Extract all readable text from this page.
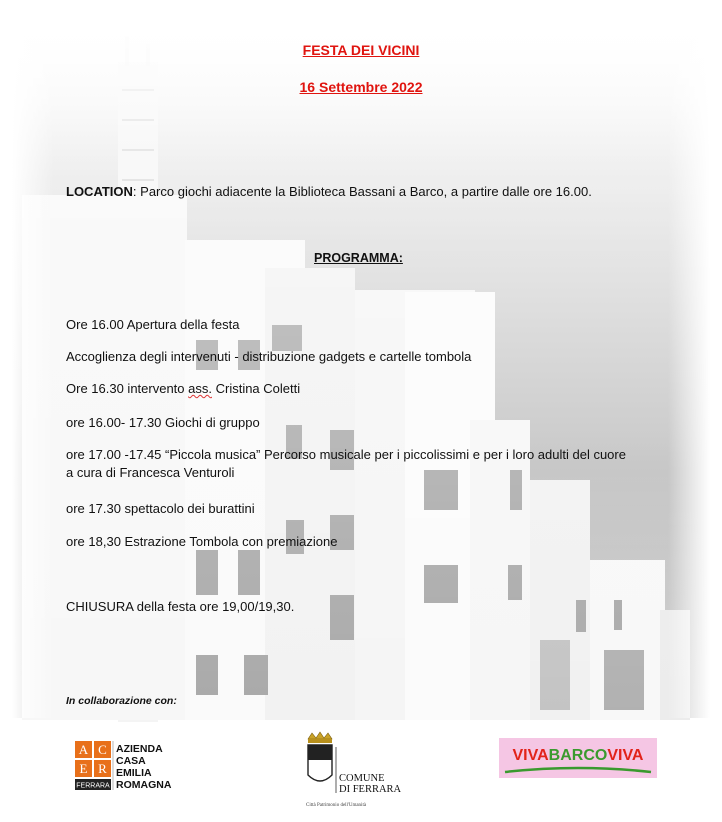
FESTA DEI VICINI
16 Settembre 2022
LOCATION: Parco giochi adiacente la Biblioteca Bassani a Barco, a partire dalle ore 16.00.
PROGRAMMA:
Ore 16.00 Apertura della festa
Accoglienza degli intervenuti - distribuzione gadgets e cartelle tombola
Ore 16.30 intervento ass. Cristina Coletti
ore 16.00- 17.30 Giochi di gruppo
ore 17.00 -17.45 “Piccola musica” Percorso musicale per i piccolissimi e per i loro adulti del cuore
a cura di Francesca Venturoli
ore 17.30 spettacolo dei burattini
ore 18,30 Estrazione Tombola con premiazione
CHIUSURA della festa ore 19,00/19,30.
In collaborazione con:
A C
E R
FERRARA
AZIENDA
CASA
EMILIA
ROMAGNA
COMUNE
DI FERRARA
Città Patrimonio dell'Umanità
VIVABARCOVIVA
